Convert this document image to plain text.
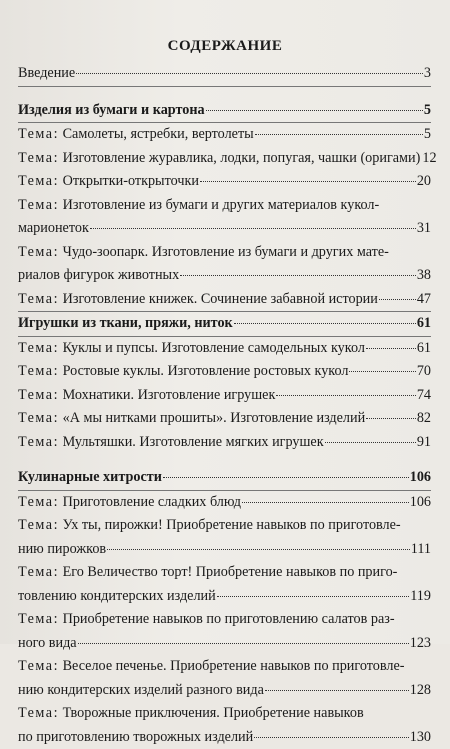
СОДЕРЖАНИЕ
Введение	3
Изделия из бумаги и картона	5
Тема: Самолеты, ястребки, вертолеты	5
Тема: Изготовление журавлика, лодки, попугая, чашки (оригами) 12
Тема: Открытки-открыточки	20
Тема: Изготовление из бумаги и других материалов кукол-
марионеток	31
Тема: Чудо-зоопарк. Изготовление из бумаги и других мате-
риалов фигурок животных	38
Тема: Изготовление книжек. Сочинение забавной истории	47
Игрушки из ткани, пряжи, ниток	61
Тема: Куклы и пупсы. Изготовление самодельных кукол	61
Тема: Ростовые куклы. Изготовление ростовых кукол	70
Тема: Мохнатики. Изготовление игрушек	74
Тема: «А мы нитками прошиты». Изготовление изделий	82
Тема: Мультяшки. Изготовление мягких игрушек	91
Кулинарные хитрости	106
Тема: Приготовление сладких блюд	106
Тема: Ух ты, пирожки! Приобретение навыков по приготовле-
нию пирожков	111
Тема: Его Величество торт! Приобретение навыков по приго-
товлению кондитерских изделий	119
Тема: Приобретение навыков по приготовлению салатов раз-
ного вида	123
Тема: Веселое печенье. Приобретение навыков по приготовле-
нию кондитерских изделий разного вида	128
Тема: Творожные приключения. Приобретение навыков
по приготовлению творожных изделий	130
